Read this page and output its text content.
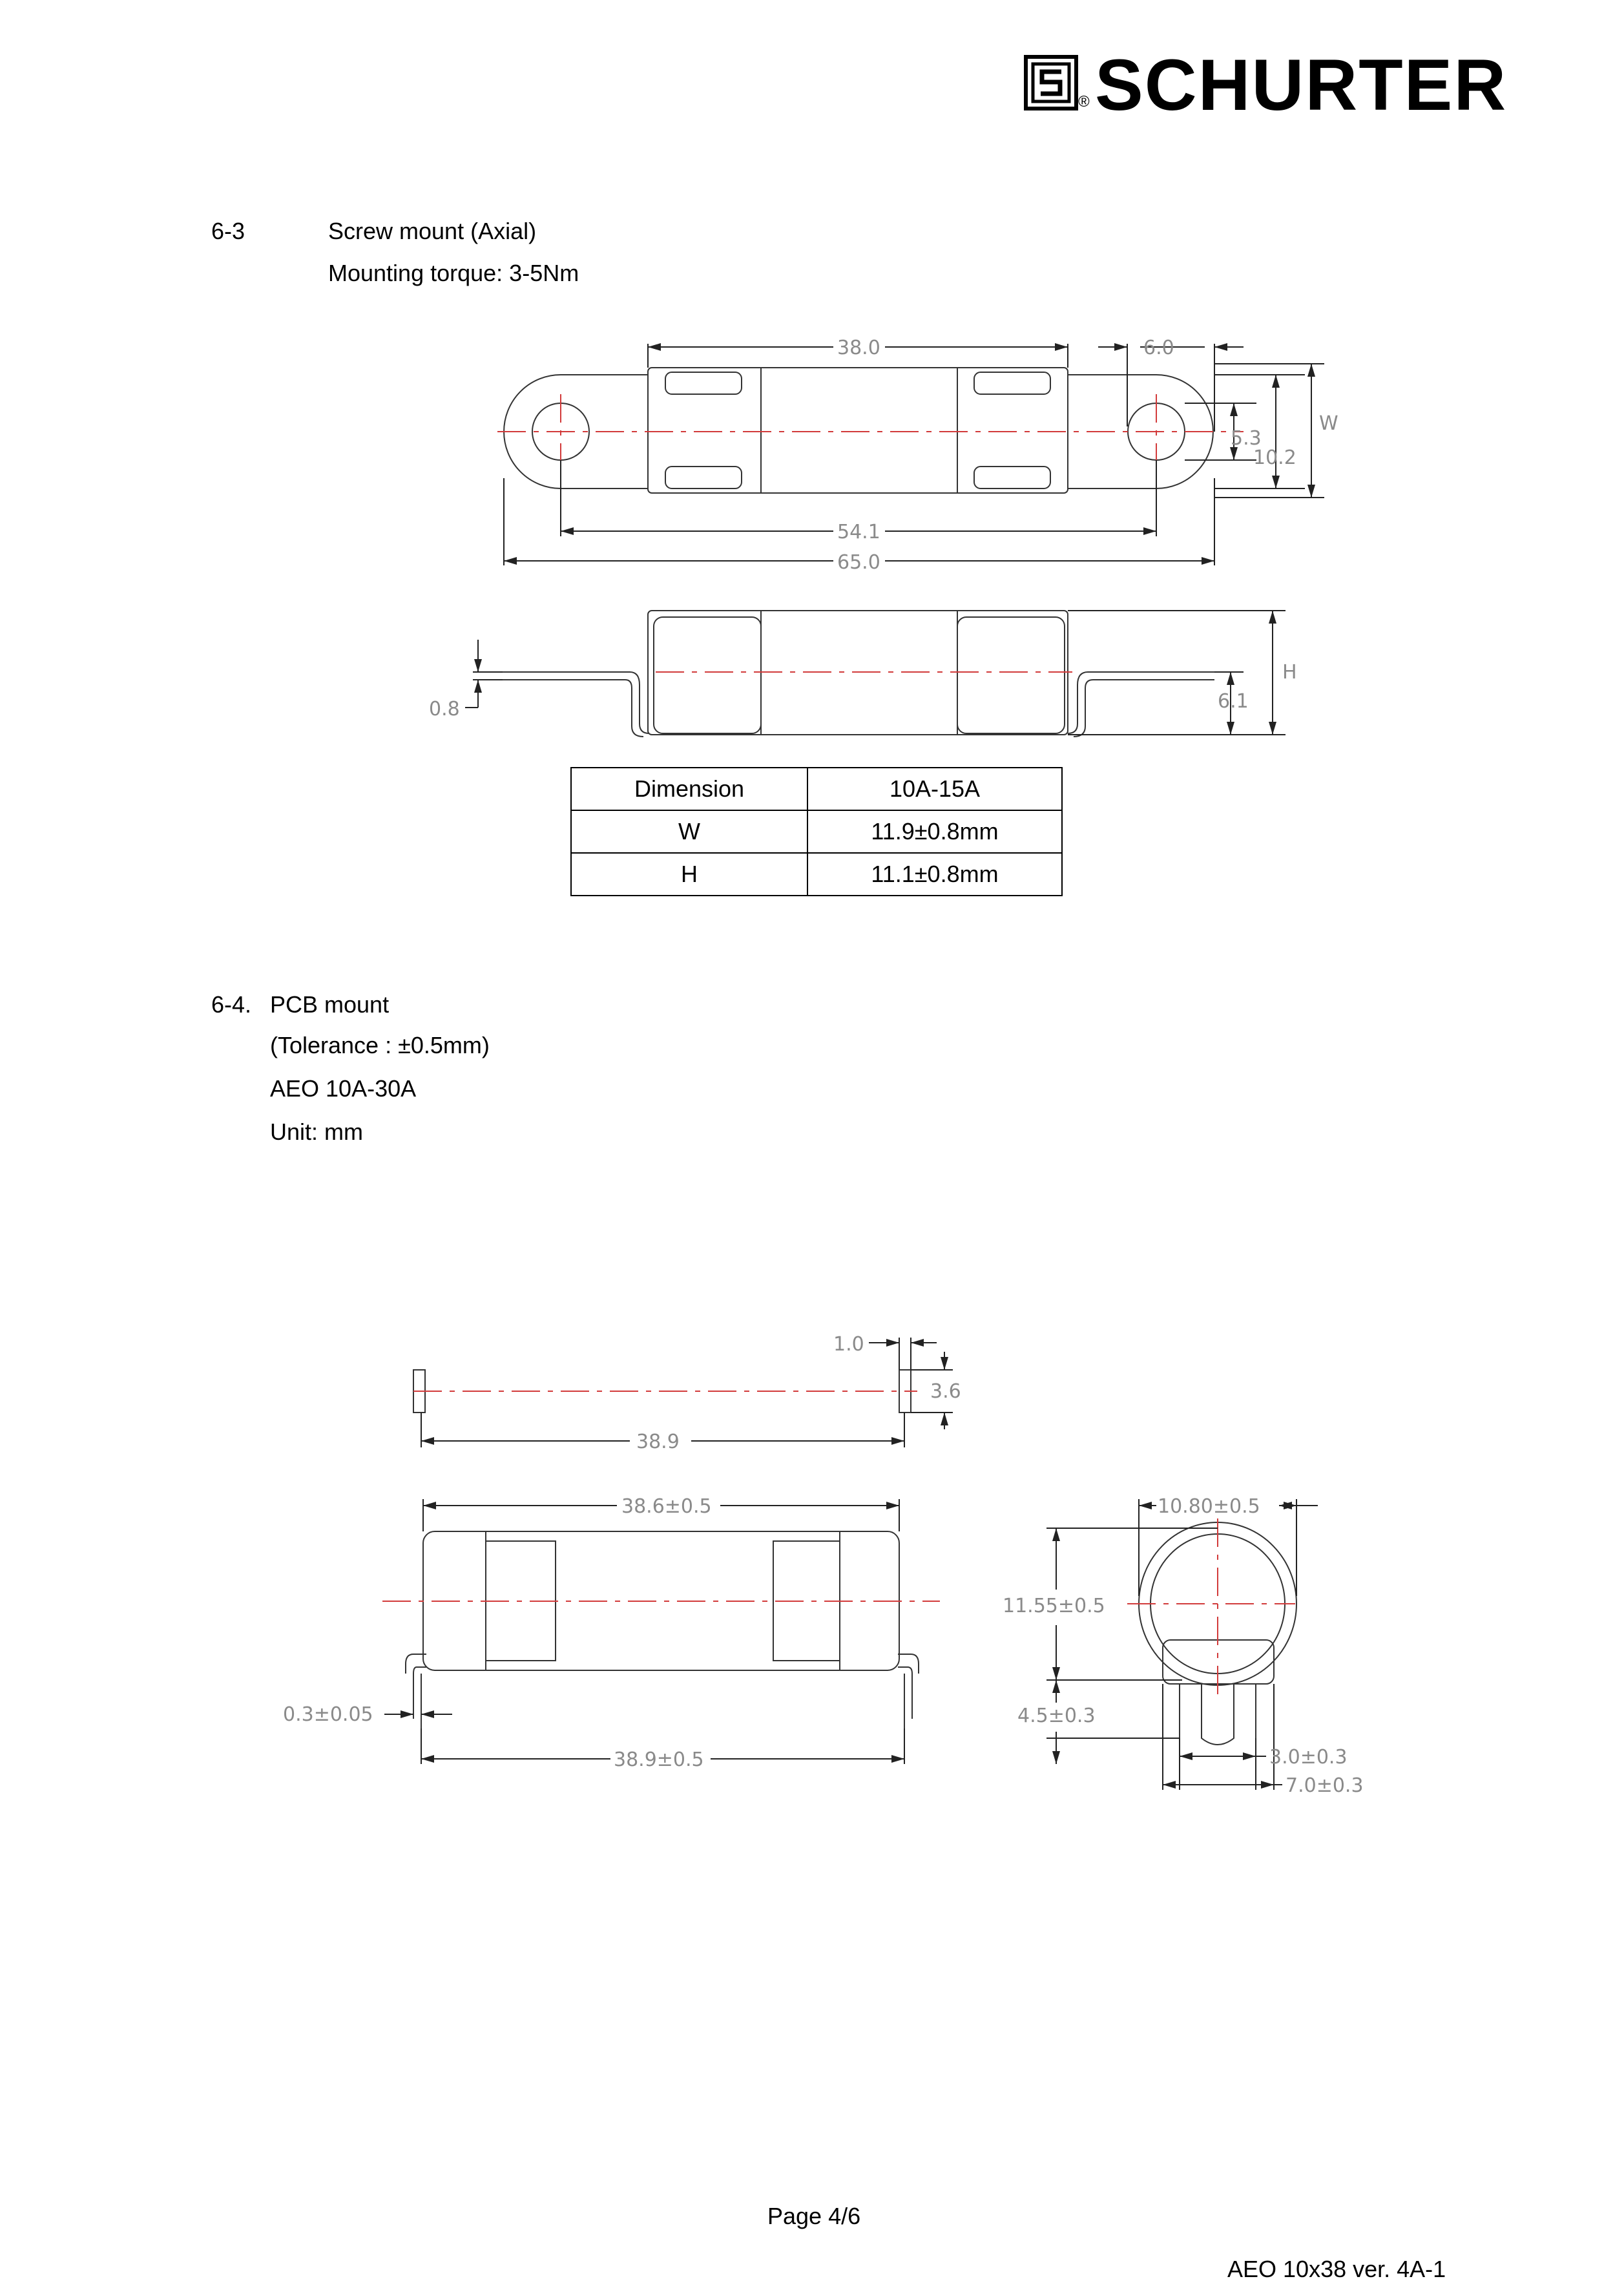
® SCHURTER
6-3	Screw mount (Axial)
Mounting torque: 3-5Nm
38.0	6.0
5.3
10.2
W
54.1
65.0
0.8	6.1
H
1.0
3.6
38.9
38.6±0.5
0.3±0.05
38.9±0.5
10.80±0.5
11.55±0.5
4.5±0.3
3.0±0.3
7.0±0.3
Dimension	10A-15A
W	11.9±0.8mm
H	11.1±0.8mm
6-4. PCB mount
(Tolerance : ±0.5mm)
AEO 10A-30A
Unit: mm
Page 4/6
AEO 10x38 ver. 4A-1
